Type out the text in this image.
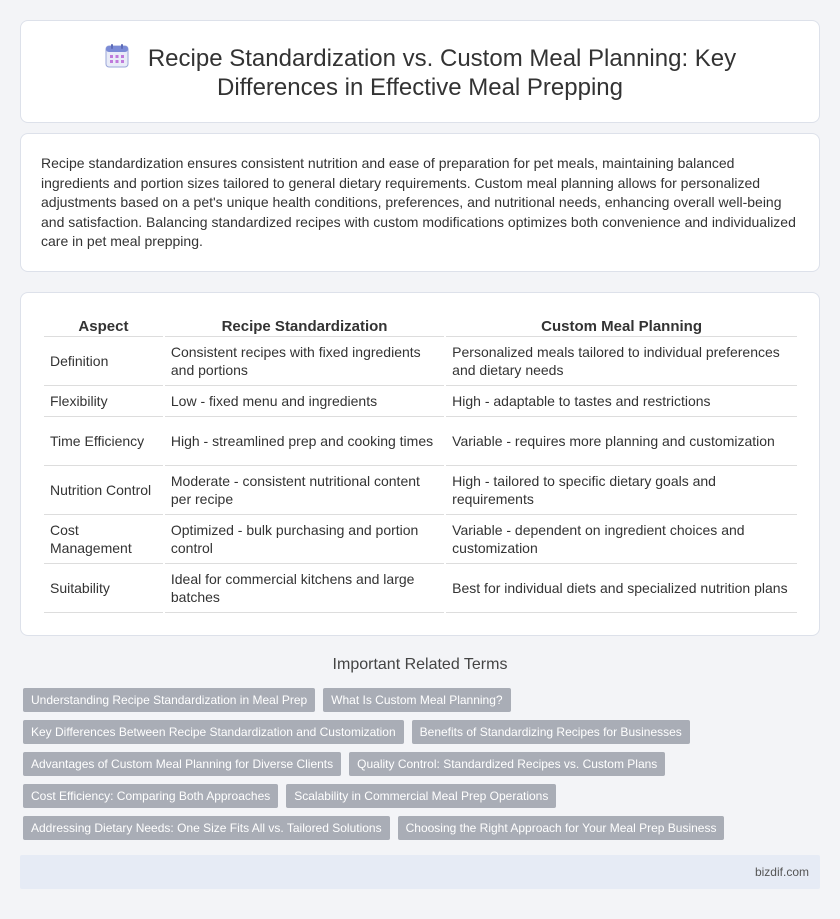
Recipe Standardization vs. Custom Meal Planning: Key Differences in Effective Meal Prepping

Recipe standardization ensures consistent nutrition and ease of preparation for pet meals, maintaining balanced ingredients and portion sizes tailored to general dietary requirements. Custom meal planning allows for personalized adjustments based on a pet's unique health conditions, preferences, and nutritional needs, enhancing overall well-being and satisfaction. Balancing standardized recipes with custom modifications optimizes both convenience and individualized care in pet meal prepping.

Aspect	Recipe Standardization	Custom Meal Planning
Definition	Consistent recipes with fixed ingredients and portions	Personalized meals tailored to individual preferences and dietary needs
Flexibility	Low - fixed menu and ingredients	High - adaptable to tastes and restrictions
Time Efficiency	High - streamlined prep and cooking times	Variable - requires more planning and customization
Nutrition Control	Moderate - consistent nutritional content per recipe	High - tailored to specific dietary goals and requirements
Cost Management	Optimized - bulk purchasing and portion control	Variable - dependent on ingredient choices and customization
Suitability	Ideal for commercial kitchens and large batches	Best for individual diets and specialized nutrition plans
Important Related Terms
Understanding Recipe Standardization in Meal Prep	What Is Custom Meal Planning?
Key Differences Between Recipe Standardization and Customization	Benefits of Standardizing Recipes for Businesses
Advantages of Custom Meal Planning for Diverse Clients	Quality Control: Standardized Recipes vs. Custom Plans
Cost Efficiency: Comparing Both Approaches	Scalability in Commercial Meal Prep Operations
Addressing Dietary Needs: One Size Fits All vs. Tailored Solutions	Choosing the Right Approach for Your Meal Prep Business
bizdif.com
